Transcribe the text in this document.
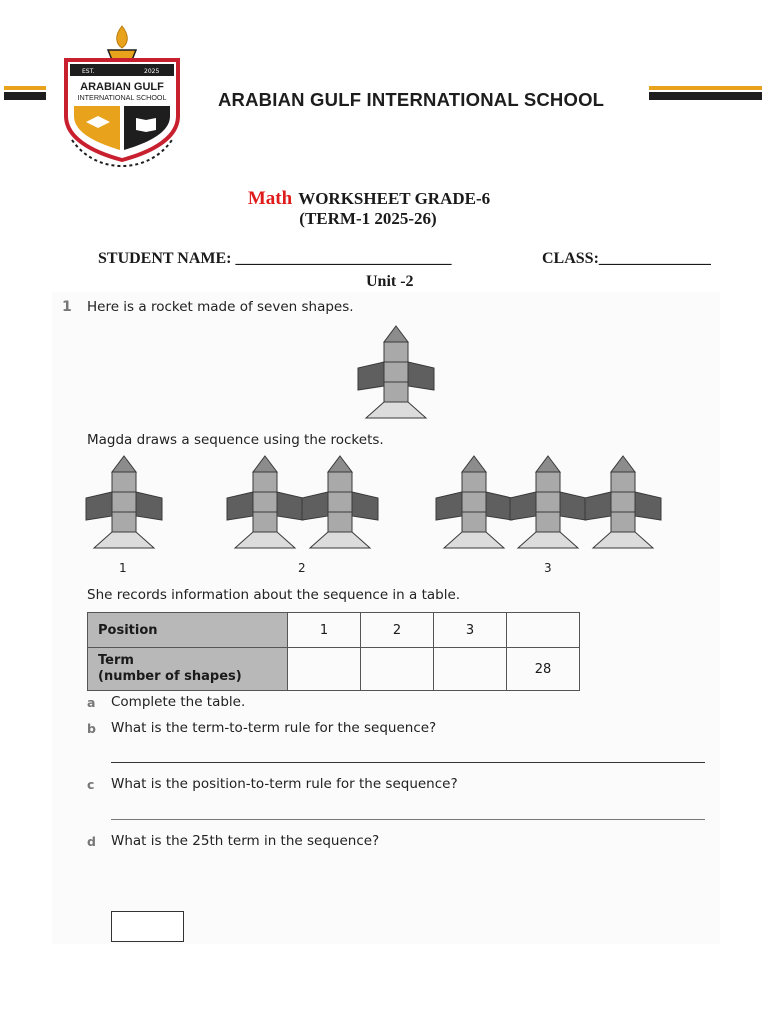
EST.	2025
ARABIAN GULF
INTERNATIONAL SCHOOL	ARABIAN GULF INTERNATIONAL SCHOOL
Math WORKSHEET GRADE-6
(TERM-1 2025-26)
STUDENT NAME: ___________________________	CLASS:______________
Unit -2
1 Here is a rocket made of seven shapes.
Magda draws a sequence using the rockets.
1	2	3
She records information about the sequence in a table.
Position	1	2	3	

Term
(number of shapes)				28
a Complete the table.
b What is the term-to-term rule for the sequence?
c What is the position-to-term rule for the sequence?
d What is the 25th term in the sequence?
